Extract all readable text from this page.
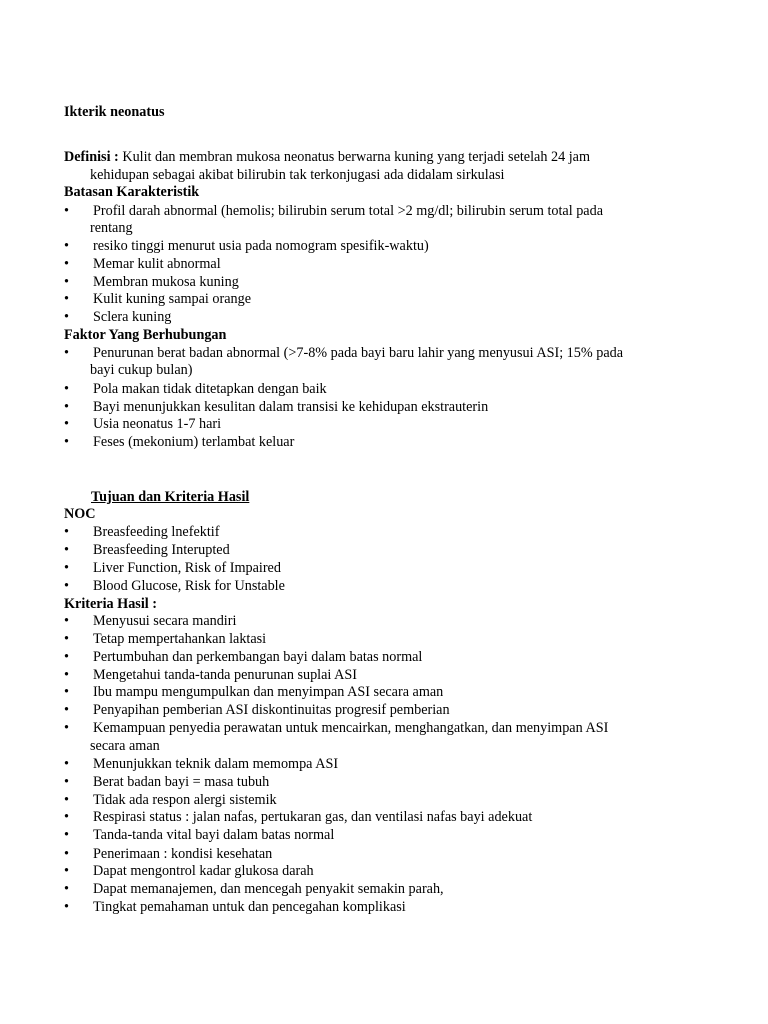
Ikterik neonatus
Definisi : Kulit dan membran mukosa neonatus berwarna kuning yang terjadi setelah 24 jam
kehidupan sebagai akibat bilirubin tak terkonjugasi ada didalam sirkulasi
Batasan Karakteristik
• Profil darah abnormal (hemolis; bilirubin serum total >2 mg/dl; bilirubin serum total pada
rentang
• resiko tinggi menurut usia pada nomogram spesifik-waktu)
• Memar kulit abnormal
• Membran mukosa kuning
• Kulit kuning sampai orange
• Sclera kuning
Faktor Yang Berhubungan
• Penurunan berat badan abnormal (>7-8% pada bayi baru lahir yang menyusui ASI; 15% pada
bayi cukup bulan)
• Pola makan tidak ditetapkan dengan baik
• Bayi menunjukkan kesulitan dalam transisi ke kehidupan ekstrauterin
• Usia neonatus 1-7 hari
• Feses (mekonium) terlambat keluar
Tujuan dan Kriteria Hasil
NOC
• Breasfeeding lnefektif
• Breasfeeding Interupted
• Liver Function, Risk of Impaired
• Blood Glucose, Risk for Unstable
Kriteria Hasil :
• Menyusui secara mandiri
• Tetap mempertahankan laktasi
• Pertumbuhan dan perkembangan bayi dalam batas normal
• Mengetahui tanda-tanda penurunan suplai ASI
• Ibu mampu mengumpulkan dan menyimpan ASI secara aman
• Penyapihan pemberian ASI diskontinuitas progresif pemberian
• Kemampuan penyedia perawatan untuk mencairkan, menghangatkan, dan menyimpan ASI
secara aman
• Menunjukkan teknik dalam memompa ASI
• Berat badan bayi = masa tubuh
• Tidak ada respon alergi sistemik
• Respirasi status : jalan nafas, pertukaran gas, dan ventilasi nafas bayi adekuat
• Tanda-tanda vital bayi dalam batas normal
• Penerimaan : kondisi kesehatan
• Dapat mengontrol kadar glukosa darah
• Dapat memanajemen, dan mencegah penyakit semakin parah,
• Tingkat pemahaman untuk dan pencegahan komplikasi
